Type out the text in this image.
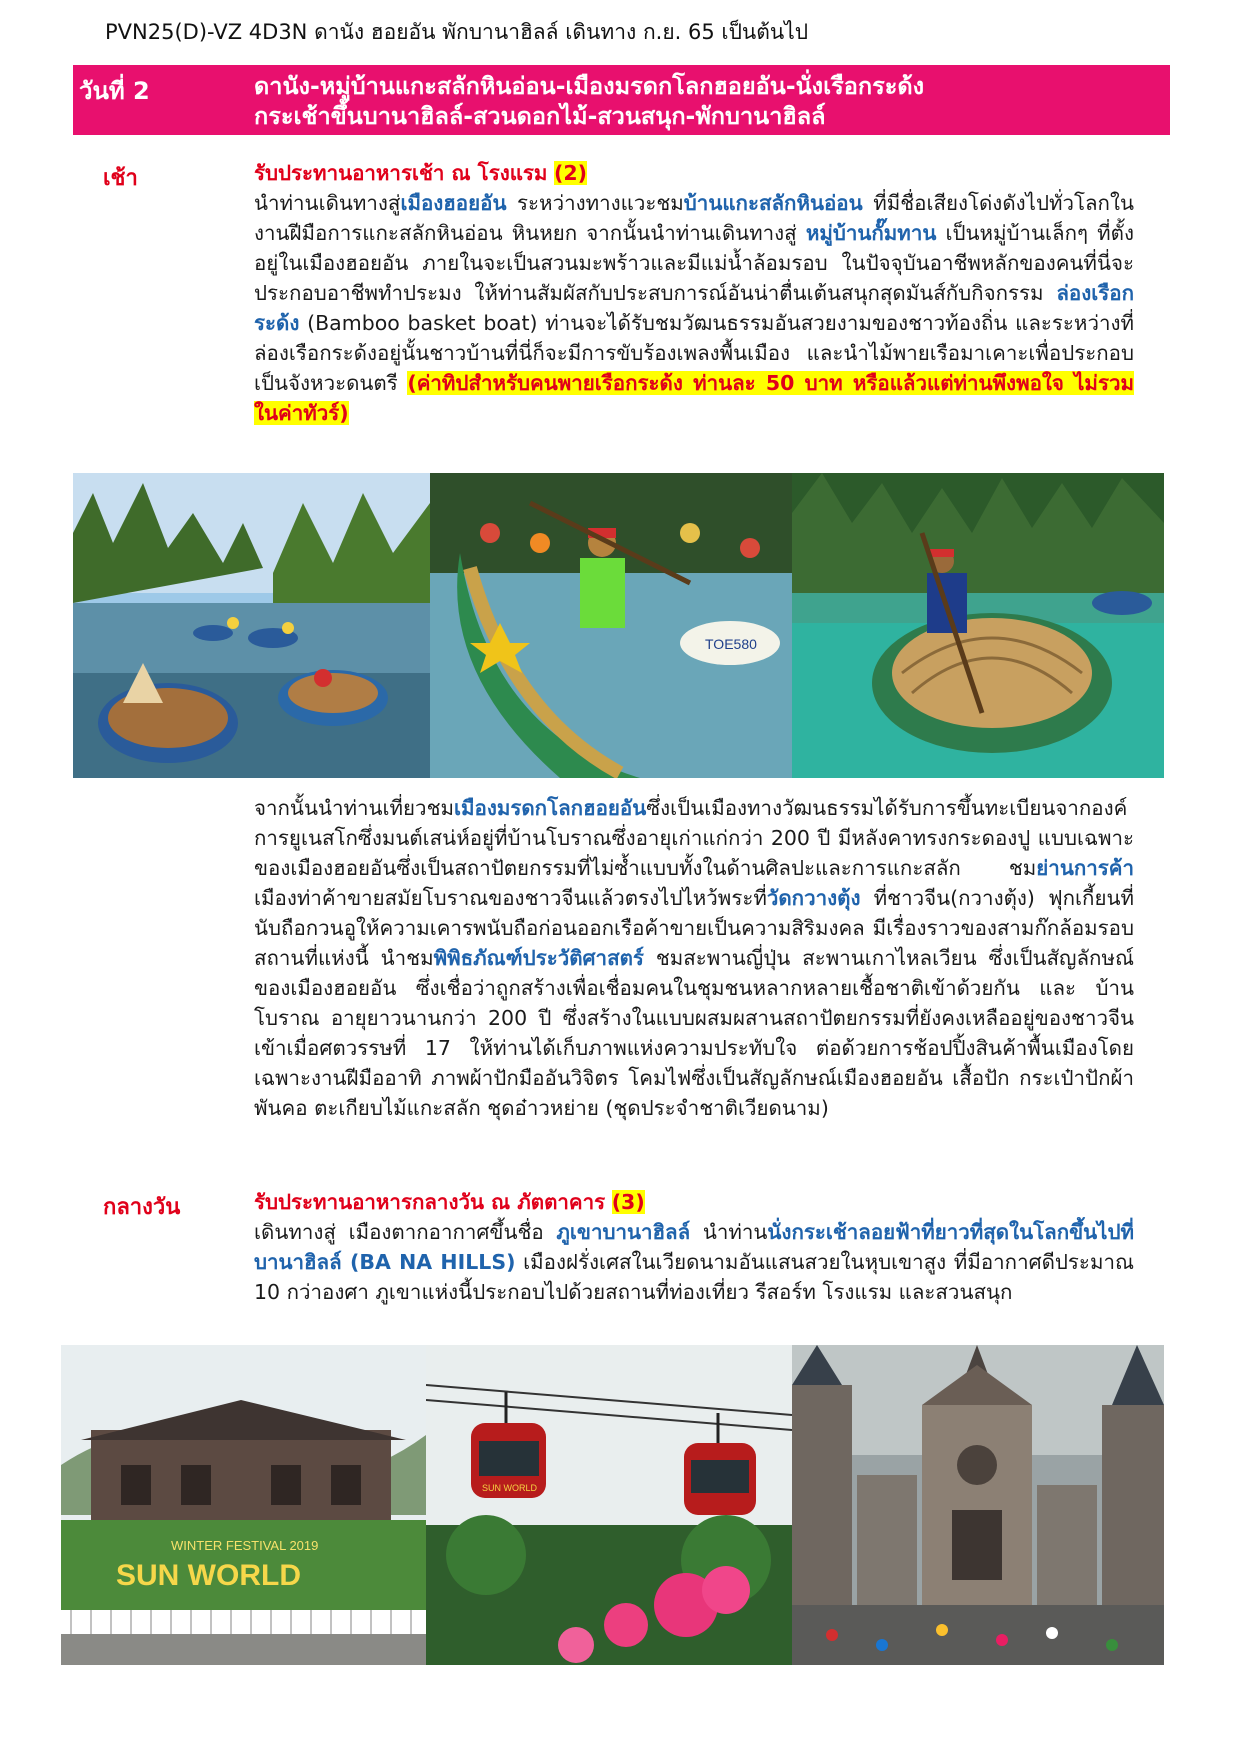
PVN25(D)-VZ 4D3N ดานัง ฮอยอัน พักบานาฮิลล์ เดินทาง ก.ย. 65 เป็นต้นไป
วันที่ 2	ดานัง-หมู่บ้านแกะสลักหินอ่อน-เมืองมรดกโลกฮอยอัน-นั่งเรือกระด้ง
กระเช้าขึ้นบานาฮิลล์-สวนดอกไม้-สวนสนุก-พักบานาฮิลล์
เช้า	รับประทานอาหารเช้า ณ โรงแรม (2)
นำท่านเดินทางสู่เมืองฮอยอัน ระหว่างทางแวะชมบ้านแกะสลักหินอ่อน ที่มีชื่อเสียงโด่งดังไปทั่วโลกในงานฝีมือการแกะสลักหินอ่อน หินหยก จากนั้นนำท่านเดินทางสู่ หมู่บ้านกั๊มทาน เป็นหมู่บ้านเล็กๆ ที่ตั้งอยู่ในเมืองฮอยอัน ภายในจะเป็นสวนมะพร้าวและมีแม่น้ำล้อมรอบ ในปัจจุบันอาชีพหลักของคนที่นี่จะประกอบอาชีพทำประมง ให้ท่านสัมผัสกับประสบการณ์อันน่าตื่นเต้นสนุกสุดมันส์กับกิจกรรม ล่องเรือกระด้ง (Bamboo basket boat) ท่านจะได้รับชมวัฒนธรรมอันสวยงามของชาวท้องถิ่น และระหว่างที่ล่องเรือกระด้งอยู่นั้นชาวบ้านที่นี่ก็จะมีการขับร้องเพลงพื้นเมือง และนำไม้พายเรือมาเคาะเพื่อประกอบเป็นจังหวะดนตรี (ค่าทิปสำหรับคนพายเรือกระด้ง ท่านละ 50 บาท หรือแล้วแต่ท่านพึงพอใจ ไม่รวมในค่าทัวร์)
TOE580
จากนั้นนำท่านเที่ยวชมเมืองมรดกโลกฮอยอันซึ่งเป็นเมืองทางวัฒนธรรมได้รับการขึ้นทะเบียนจากองค์การยูเนสโกซึ่งมนต์เสน่ห์อยู่ที่บ้านโบราณซึ่งอายุเก่าแก่กว่า 200 ปี มีหลังคาทรงกระดองปู แบบเฉพาะของเมืองฮอยอันซึ่งเป็นสถาปัตยกรรมที่ไม่ซ้ำแบบทั้งในด้านศิลปะและการแกะสลัก ชมย่านการค้าเมืองท่าค้าขายสมัยโบราณของชาวจีนแล้วตรงไปไหว้พระที่วัดกวางตุ้ง ที่ชาวจีน(กวางตุ้ง) ฟุกเกี้ยนที่นับถือกวนอูให้ความเคารพนับถือก่อนออกเรือค้าขายเป็นความสิริมงคล มีเรื่องราวของสามก๊กล้อมรอบสถานที่แห่งนี้ นำชมพิพิธภัณฑ์ประวัติศาสตร์ ชมสะพานญี่ปุ่น สะพานเกาไหลเวียน ซึ่งเป็นสัญลักษณ์ของเมืองฮอยอัน ซึ่งเชื่อว่าถูกสร้างเพื่อเชื่อมคนในชุมชนหลากหลายเชื้อชาติเข้าด้วยกัน และ บ้านโบราณ อายุยาวนานกว่า 200 ปี ซึ่งสร้างในแบบผสมผสานสถาปัตยกรรมที่ยังคงเหลืออยู่ของชาวจีนเข้าเมื่อศตวรรษที่ 17 ให้ท่านได้เก็บภาพแห่งความประทับใจ ต่อด้วยการช้อปปิ้งสินค้าพื้นเมืองโดยเฉพาะงานฝีมืออาทิ ภาพผ้าปักมืออันวิจิตร โคมไฟซึ่งเป็นสัญลักษณ์เมืองฮอยอัน เสื้อปัก กระเป๋าปักผ้าพันคอ ตะเกียบไม้แกะสลัก ชุดอ๋าวหย่าย (ชุดประจำชาติเวียดนาม)
กลางวัน	รับประทานอาหารกลางวัน ณ ภัตตาคาร (3)
เดินทางสู่ เมืองตากอากาศขึ้นชื่อ ภูเขาบานาฮิลล์ นำท่านนั่งกระเช้าลอยฟ้าที่ยาวที่สุดในโลกขึ้นไปที่บานาฮิลล์ (BA NA HILLS) เมืองฝรั่งเศสในเวียดนามอันแสนสวยในหุบเขาสูง ที่มีอากาศดีประมาณ 10 กว่าองศา ภูเขาแห่งนี้ประกอบไปด้วยสถานที่ท่องเที่ยว รีสอร์ท โรงแรม และสวนสนุก
WINTER FESTIVAL 2019
SUN WORLD
SUN WORLD
